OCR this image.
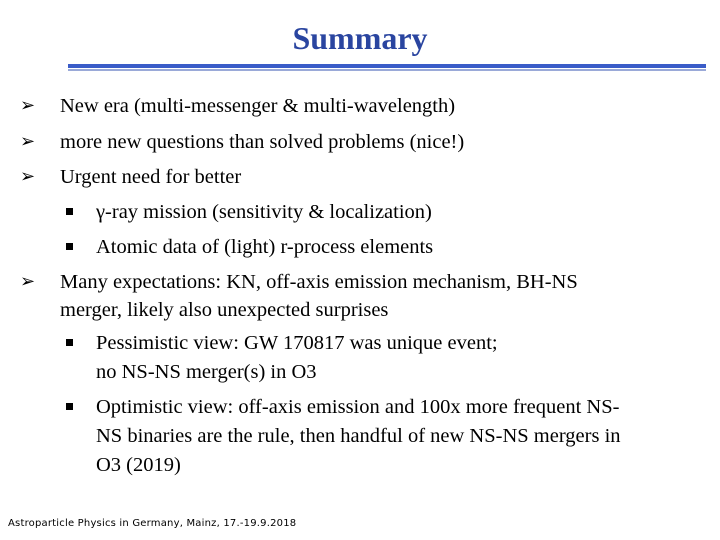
Summary
➢ New era (multi-messenger & multi-wavelength)
➢ more new questions than solved problems (nice!)
➢ Urgent need for better
γ-ray mission (sensitivity & localization)
Atomic data of (light) r-process elements
➢ Many expectations: KN, off-axis emission mechanism, BH-NS
merger, likely also unexpected surprises
Pessimistic view: GW 170817 was unique event;
no NS-NS merger(s) in O3
Optimistic view: off-axis emission and 100x more frequent NS-
NS binaries are the rule, then handful of new NS-NS mergers in
O3 (2019)
Astroparticle Physics in Germany, Mainz, 17.-19.9.2018
